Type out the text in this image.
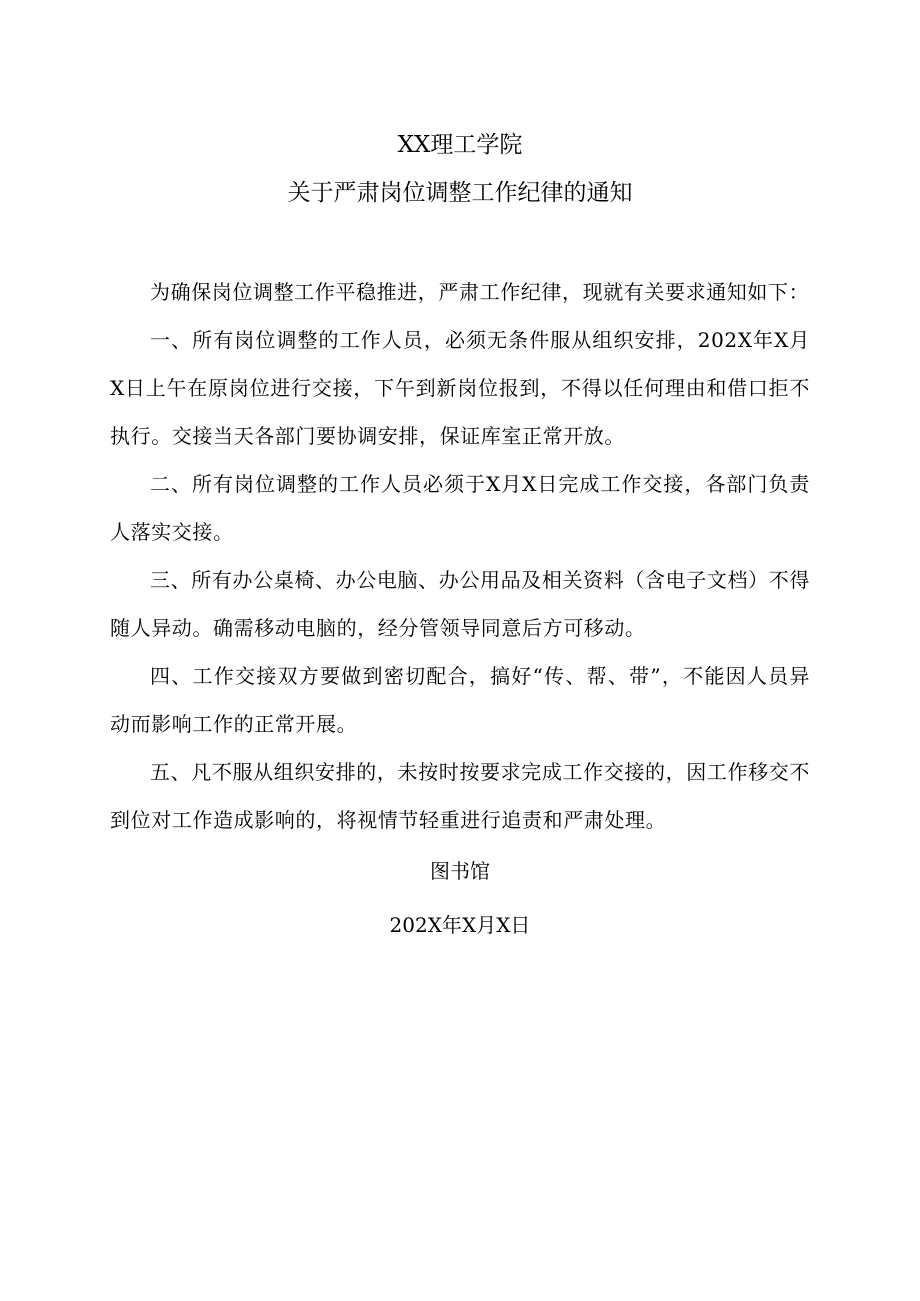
XX理工学院
关于严肃岗位调整工作纪律的通知

为确保岗位调整工作平稳推进，严肃工作纪律，现就有关要求通知如下：

一、所有岗位调整的工作人员，必须无条件服从组织安排，202X年X月X日上午在原岗位进行交接，下午到新岗位报到，不得以任何理由和借口拒不执行。交接当天各部门要协调安排，保证库室正常开放。

二、所有岗位调整的工作人员必须于X月X日完成工作交接，各部门负责人落实交接。

三、所有办公桌椅、办公电脑、办公用品及相关资料（含电子文档）不得随人异动。确需移动电脑的，经分管领导同意后方可移动。

四、工作交接双方要做到密切配合，搞好“传、帮、带”，不能因人员异动而影响工作的正常开展。

五、凡不服从组织安排的，未按时按要求完成工作交接的，因工作移交不到位对工作造成影响的，将视情节轻重进行追责和严肃处理。

图书馆

202X年X月X日
